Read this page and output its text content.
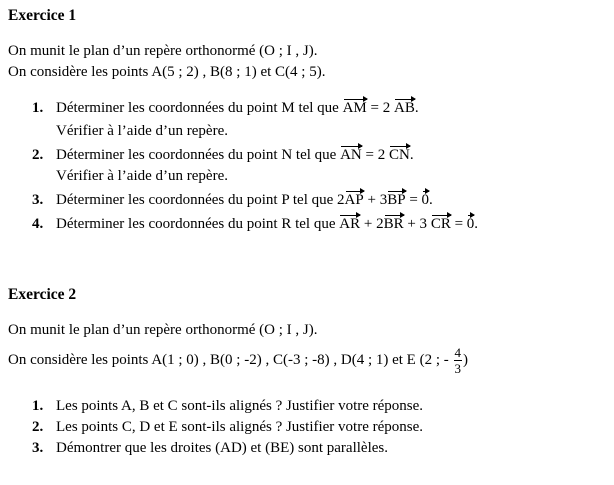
Exercice 1
On munit le plan d’un repère orthonormé (O ; I , J).
On considère les points A(5 ; 2) , B(8 ; 1) et C(4 ; 5).
1. Déterminer les coordonnées du point M tel que AM = 2 AB.
Vérifier à l’aide d’un repère.
2. Déterminer les coordonnées du point N tel que AN = 2 CN.
Vérifier à l’aide d’un repère.
3. Déterminer les coordonnées du point P tel que 2AP + 3BP = 0.
4. Déterminer les coordonnées du point R tel que AR + 2BR + 3 CR = 0.
Exercice 2
On munit le plan d’un repère orthonormé (O ; I , J).
On considère les points A(1 ; 0) , B(0 ; -2) , C(-3 ; -8) , D(4 ; 1) et E (2 ; - $\frac{4}{3}$ )
1. Les points A, B et C sont-ils alignés ? Justifier votre réponse.
2. Les points C, D et E sont-ils alignés ? Justifier votre réponse.
3. Démontrer que les droites (AD) et (BE) sont parallèles.
